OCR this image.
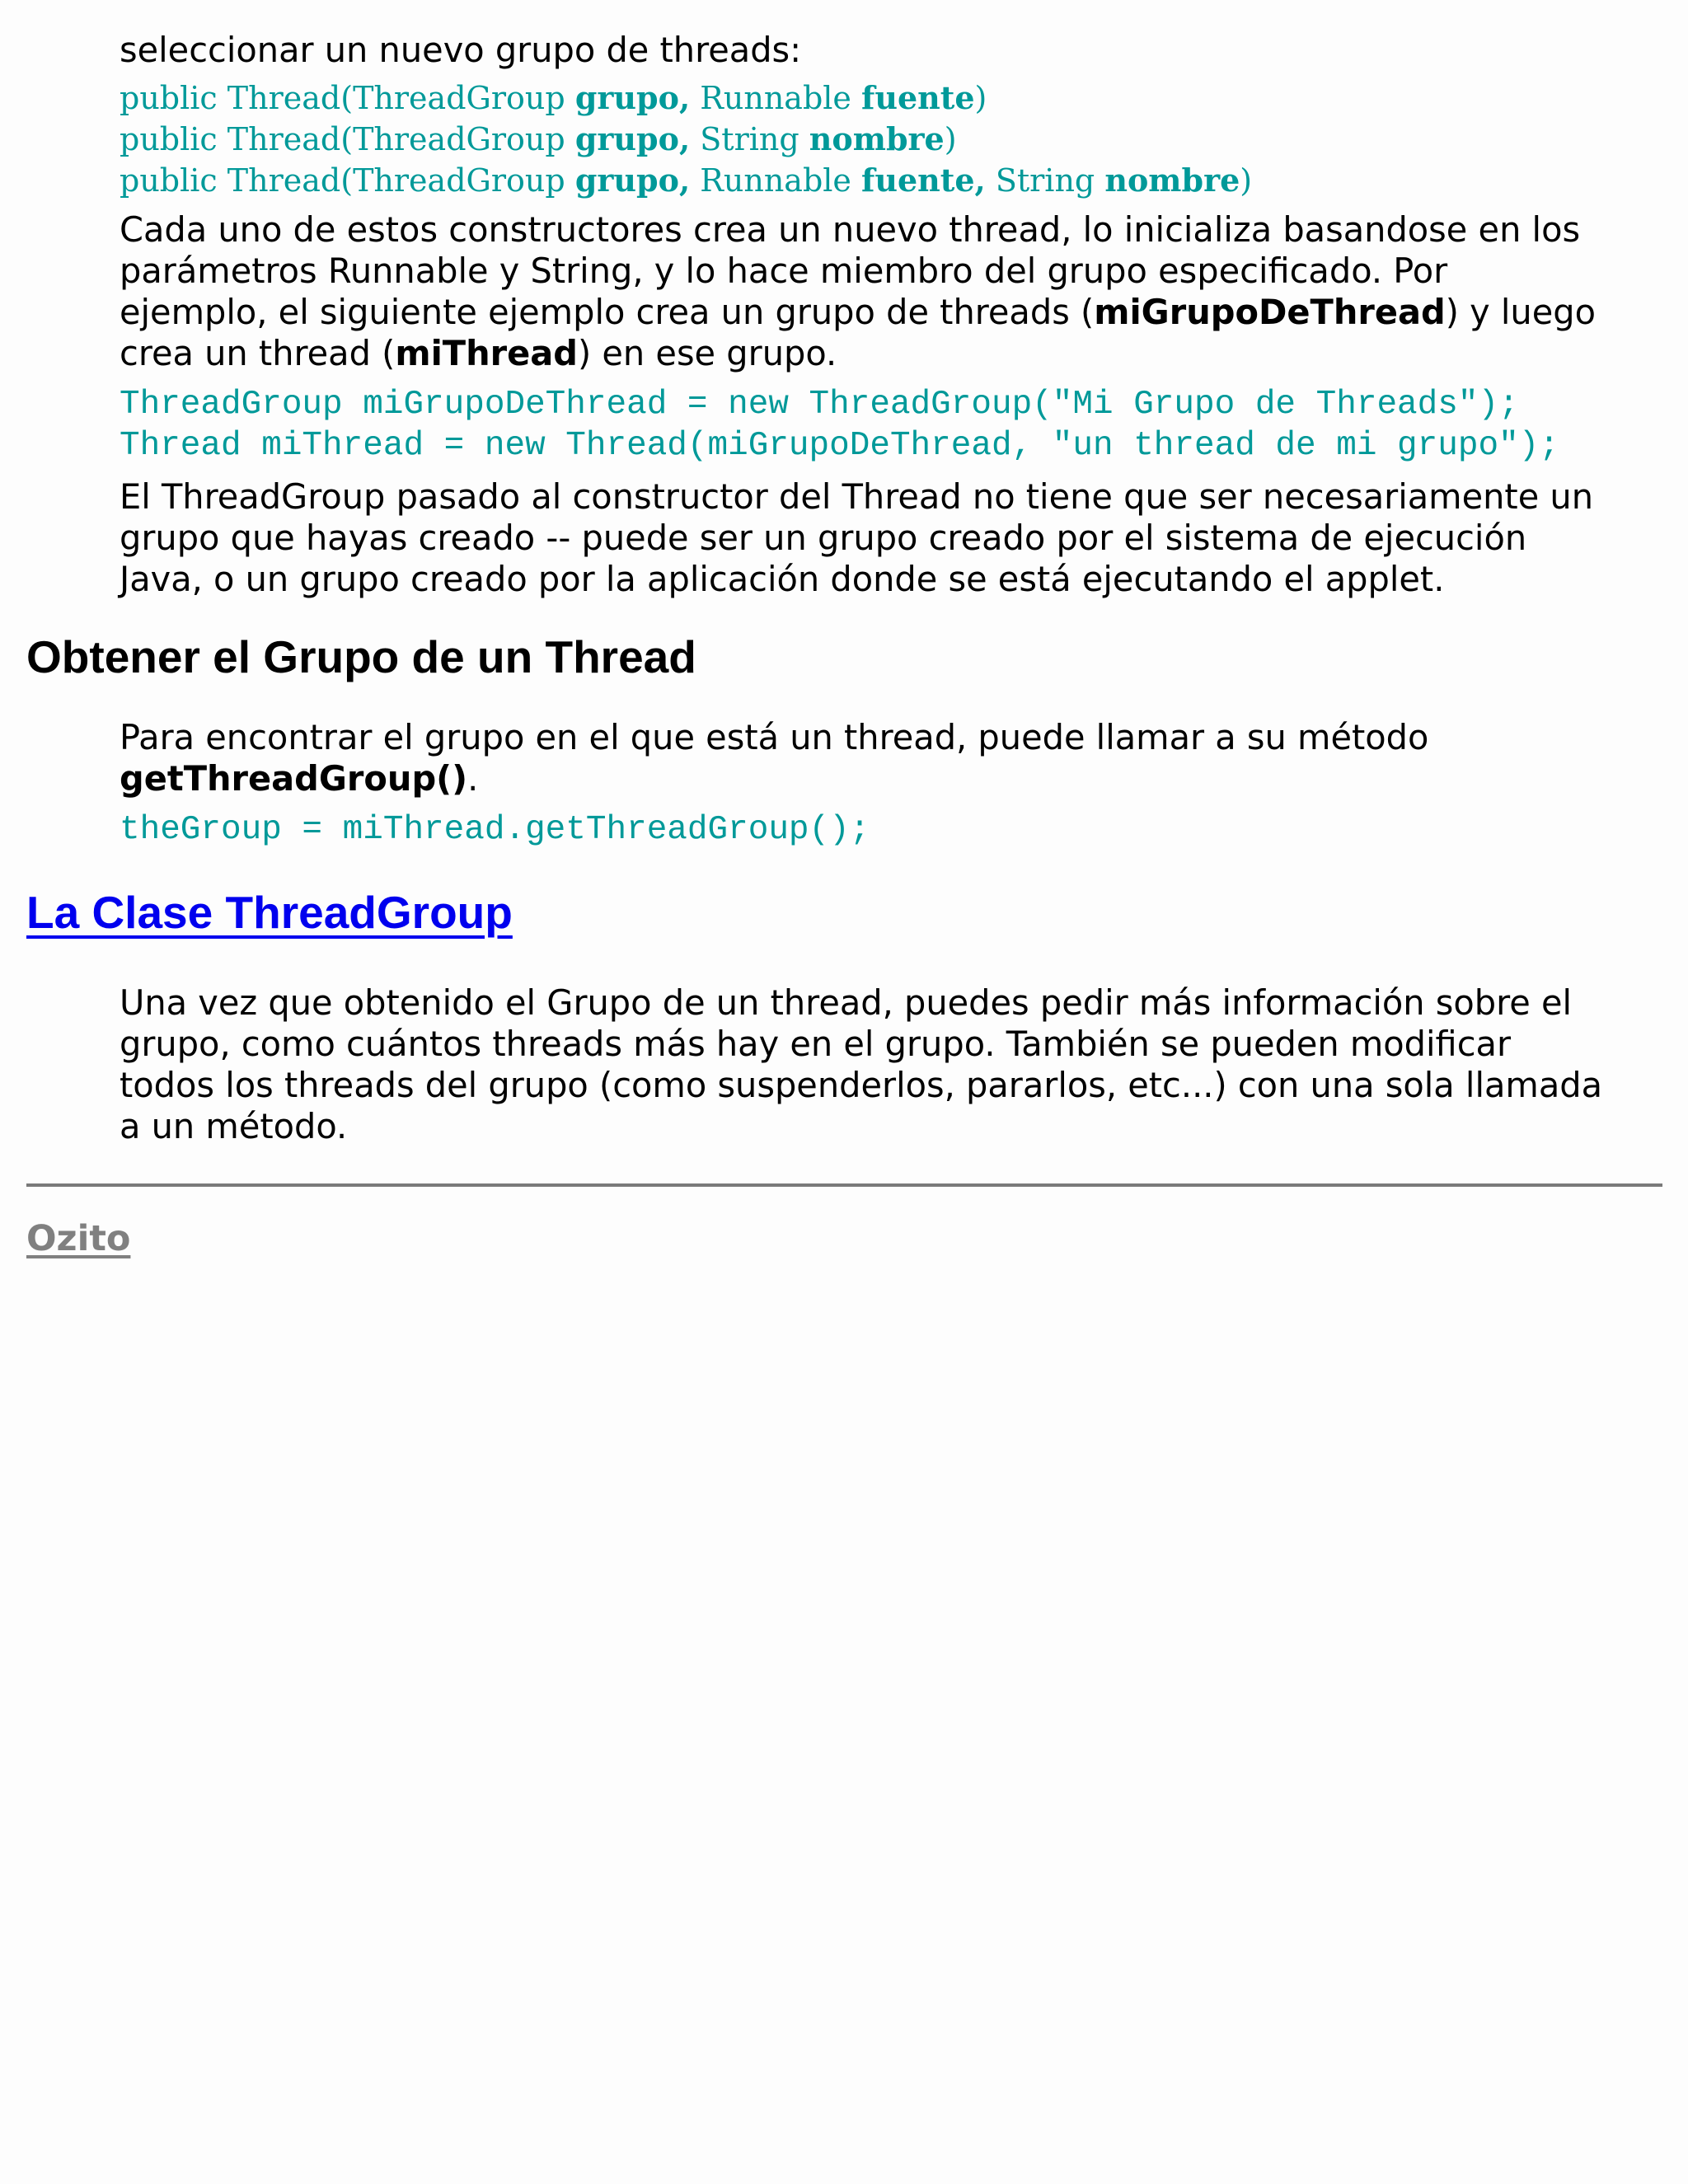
seleccionar un nuevo grupo de threads:

public Thread(ThreadGroup grupo, Runnable fuente)
public Thread(ThreadGroup grupo, String nombre)
public Thread(ThreadGroup grupo, Runnable fuente, String nombre)

Cada uno de estos constructores crea un nuevo thread, lo inicializa basandose en los parámetros Runnable y String, y lo hace miembro del grupo especificado. Por ejemplo, el siguiente ejemplo crea un grupo de threads (miGrupoDeThread) y luego crea un thread (miThread) en ese grupo.

ThreadGroup miGrupoDeThread = new ThreadGroup("Mi Grupo de Threads");
Thread miThread = new Thread(miGrupoDeThread, "un thread de mi grupo");

El ThreadGroup pasado al constructor del Thread no tiene que ser necesariamente un grupo que hayas creado -- puede ser un grupo creado por el sistema de ejecución Java, o un grupo creado por la aplicación donde se está ejecutando el applet.

Obtener el Grupo de un Thread

Para encontrar el grupo en el que está un thread, puede llamar a su método getThreadGroup().

theGroup = miThread.getThreadGroup();
La Clase ThreadGroup

Una vez que obtenido el Grupo de un thread, puedes pedir más información sobre el grupo, como cuántos threads más hay en el grupo. También se pueden modificar todos los threads del grupo (como suspenderlos, pararlos, etc...) con una sola llamada a un método.

Ozito
